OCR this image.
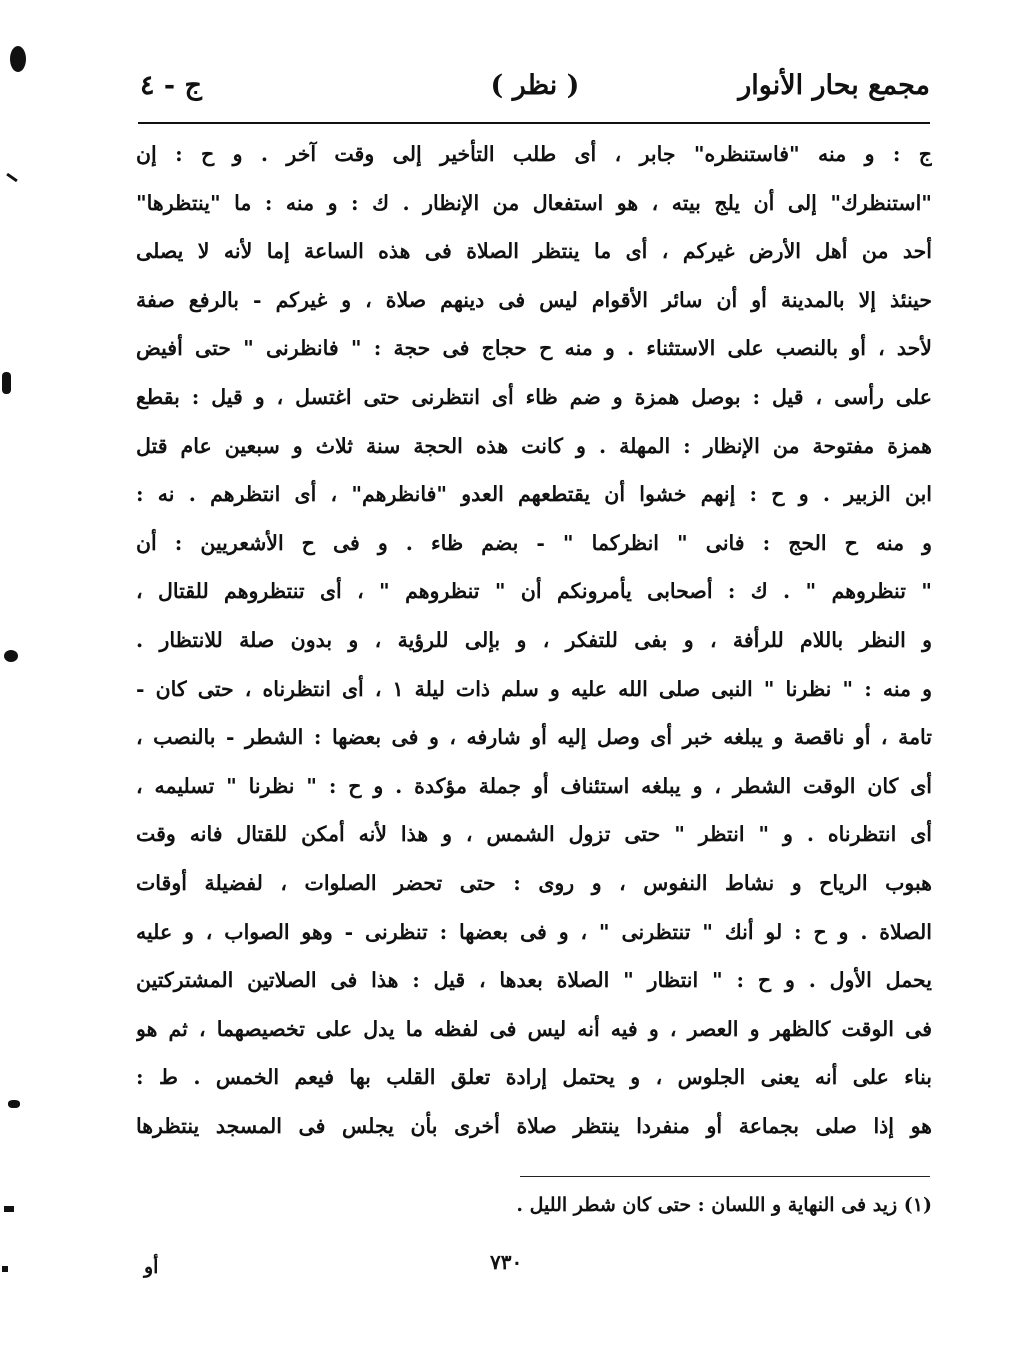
مجمع بحار الأنوار
( نظر )
ج - ٤
ج : و منه "فاستنظره" جابر ، أى طلب التأخير إلى وقت آخر . و ح : إن
"استنظرك" إلى أن يلج بيته ، هو استفعال من الإنظار . ك : و منه : ما "ينتظرها"
أحد من أهل الأرض غيركم ، أى ما ينتظر الصلاة فى هذه الساعة إما لأنه لا يصلى
حينئذ إلا بالمدينة أو أن سائر الأقوام ليس فى دينهم صلاة ، و غيركم - بالرفع صفة
لأحد ، أو بالنصب على الاستثناء . و منه ح حجاج فى حجة : " فانظرنى " حتى أفيض
على رأسى ، قيل : بوصل همزة و ضم ظاء أى انتظرنى حتى اغتسل ، و قيل : بقطع
همزة مفتوحة من الإنظار : المهلة . و كانت هذه الحجة سنة ثلاث و سبعين عام قتل
ابن الزبير . و ح : إنهم خشوا أن يقتطعهم العدو "فانظرهم" ، أى انتظرهم . نه :
و منه ح الحج : فانى " انظركما " - بضم ظاء . و فى ح الأشعريين : أن
" تنظروهم " . ك : أصحابى يأمرونكم أن " تنظروهم " ، أى تنتظروهم للقتال ،
و النظر باللام للرأفة ، و بفى للتفكر ، و بإلى للرؤية ، و بدون صلة للانتظار .
و منه : " نظرنا " النبى صلى الله عليه و سلم ذات ليلة ١ ، أى انتظرناه ، حتى كان -
تامة ، أو ناقصة و يبلغه خبر أى وصل إليه أو شارفه ، و فى بعضها : الشطر - بالنصب ،
أى كان الوقت الشطر ، و يبلغه استئناف أو جملة مؤكدة . و ح : " نظرنا " تسليمه ،
أى انتظرناه . و " انتظر " حتى تزول الشمس ، و هذا لأنه أمكن للقتال فانه وقت
هبوب الرياح و نشاط النفوس ، و روى : حتى تحضر الصلوات ، لفضيلة أوقات
الصلاة . و ح : لو أنك " تنتظرنى " ، و فى بعضها : تنظرنى - وهو الصواب ، و عليه
يحمل الأول . و ح : " انتظار " الصلاة بعدها ، قيل : هذا فى الصلاتين المشتركتين
فى الوقت كالظهر و العصر ، و فيه أنه ليس فى لفظه ما يدل على تخصيصهما ، ثم هو
بناء على أنه يعنى الجلوس ، و يحتمل إرادة تعلق القلب بها فيعم الخمس . ط :
هو إذا صلى بجماعة أو منفردا ينتظر صلاة أخرى بأن يجلس فى المسجد ينتظرها
(١) زيد فى النهاية و اللسان : حتى كان شطر الليل .
٧٣٠
أو
